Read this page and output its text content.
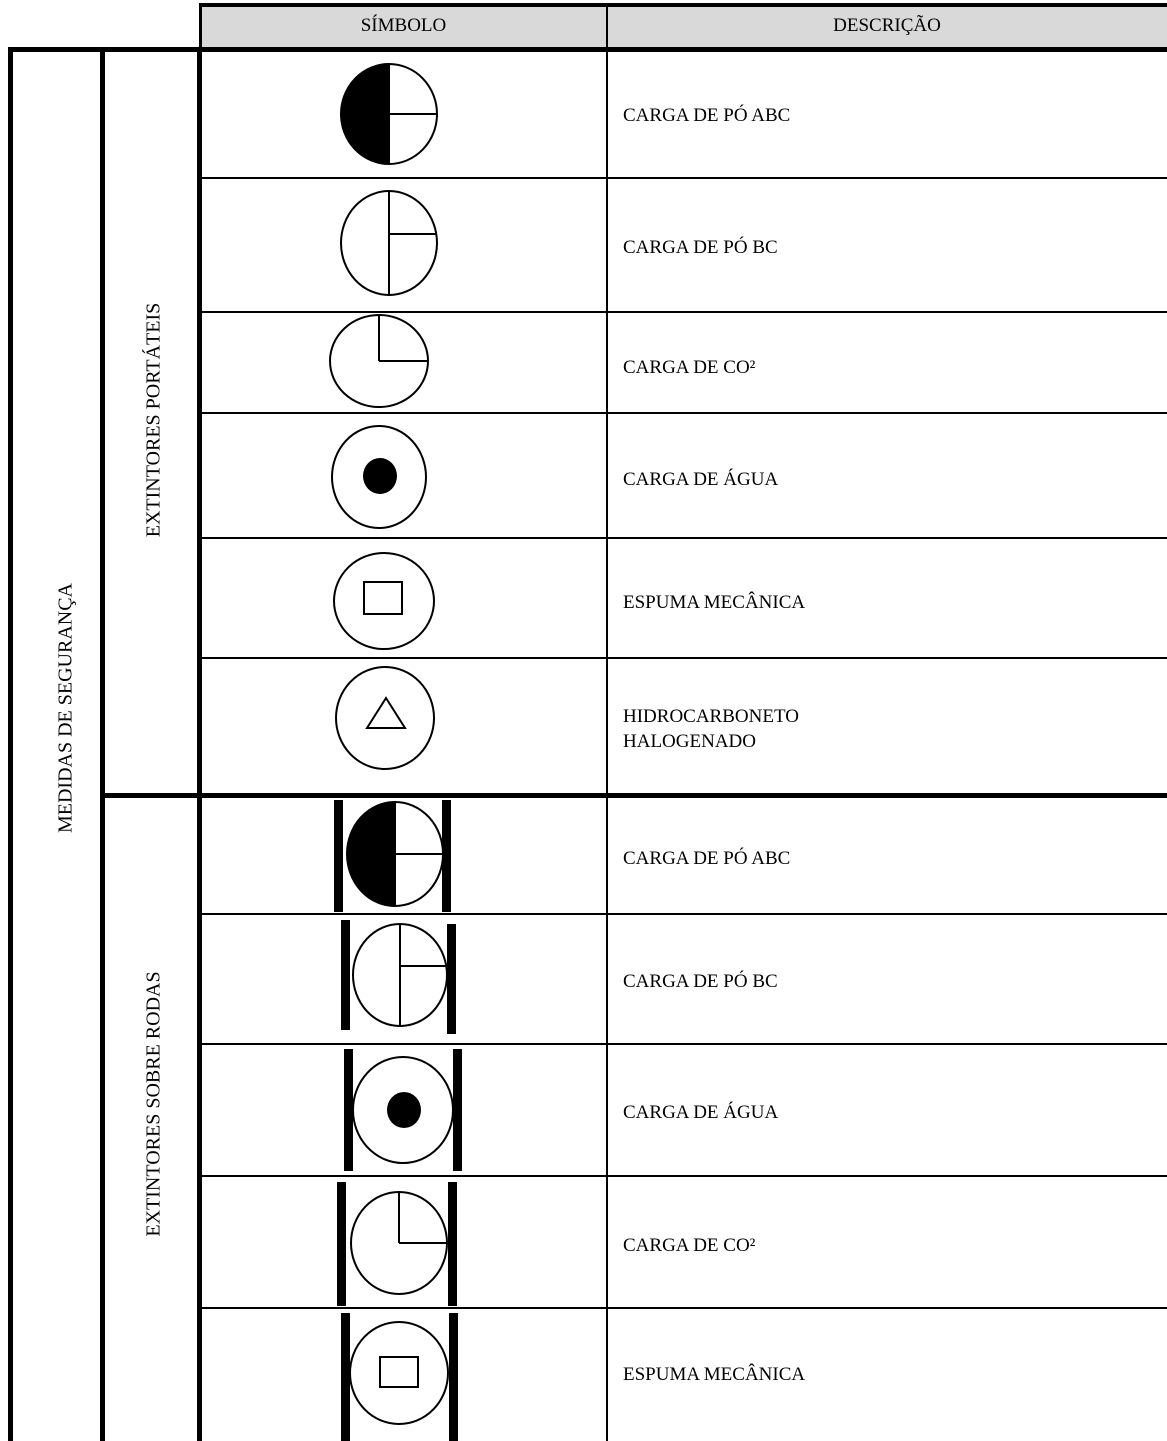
SÍMBOLO	DESCRIÇÃO
MEDIDAS DE SEGURANÇA
EXTINTORES PORTÁTEIS
EXTINTORES SOBRE RODAS
CARGA DE PÓ ABC
CARGA DE PÓ BC
CARGA DE CO²
CARGA DE ÁGUA
ESPUMA MECÂNICA
HIDROCARBONETO
HALOGENADO
CARGA DE PÓ ABC
CARGA DE PÓ BC
CARGA DE ÁGUA
CARGA DE CO²
ESPUMA MECÂNICA
